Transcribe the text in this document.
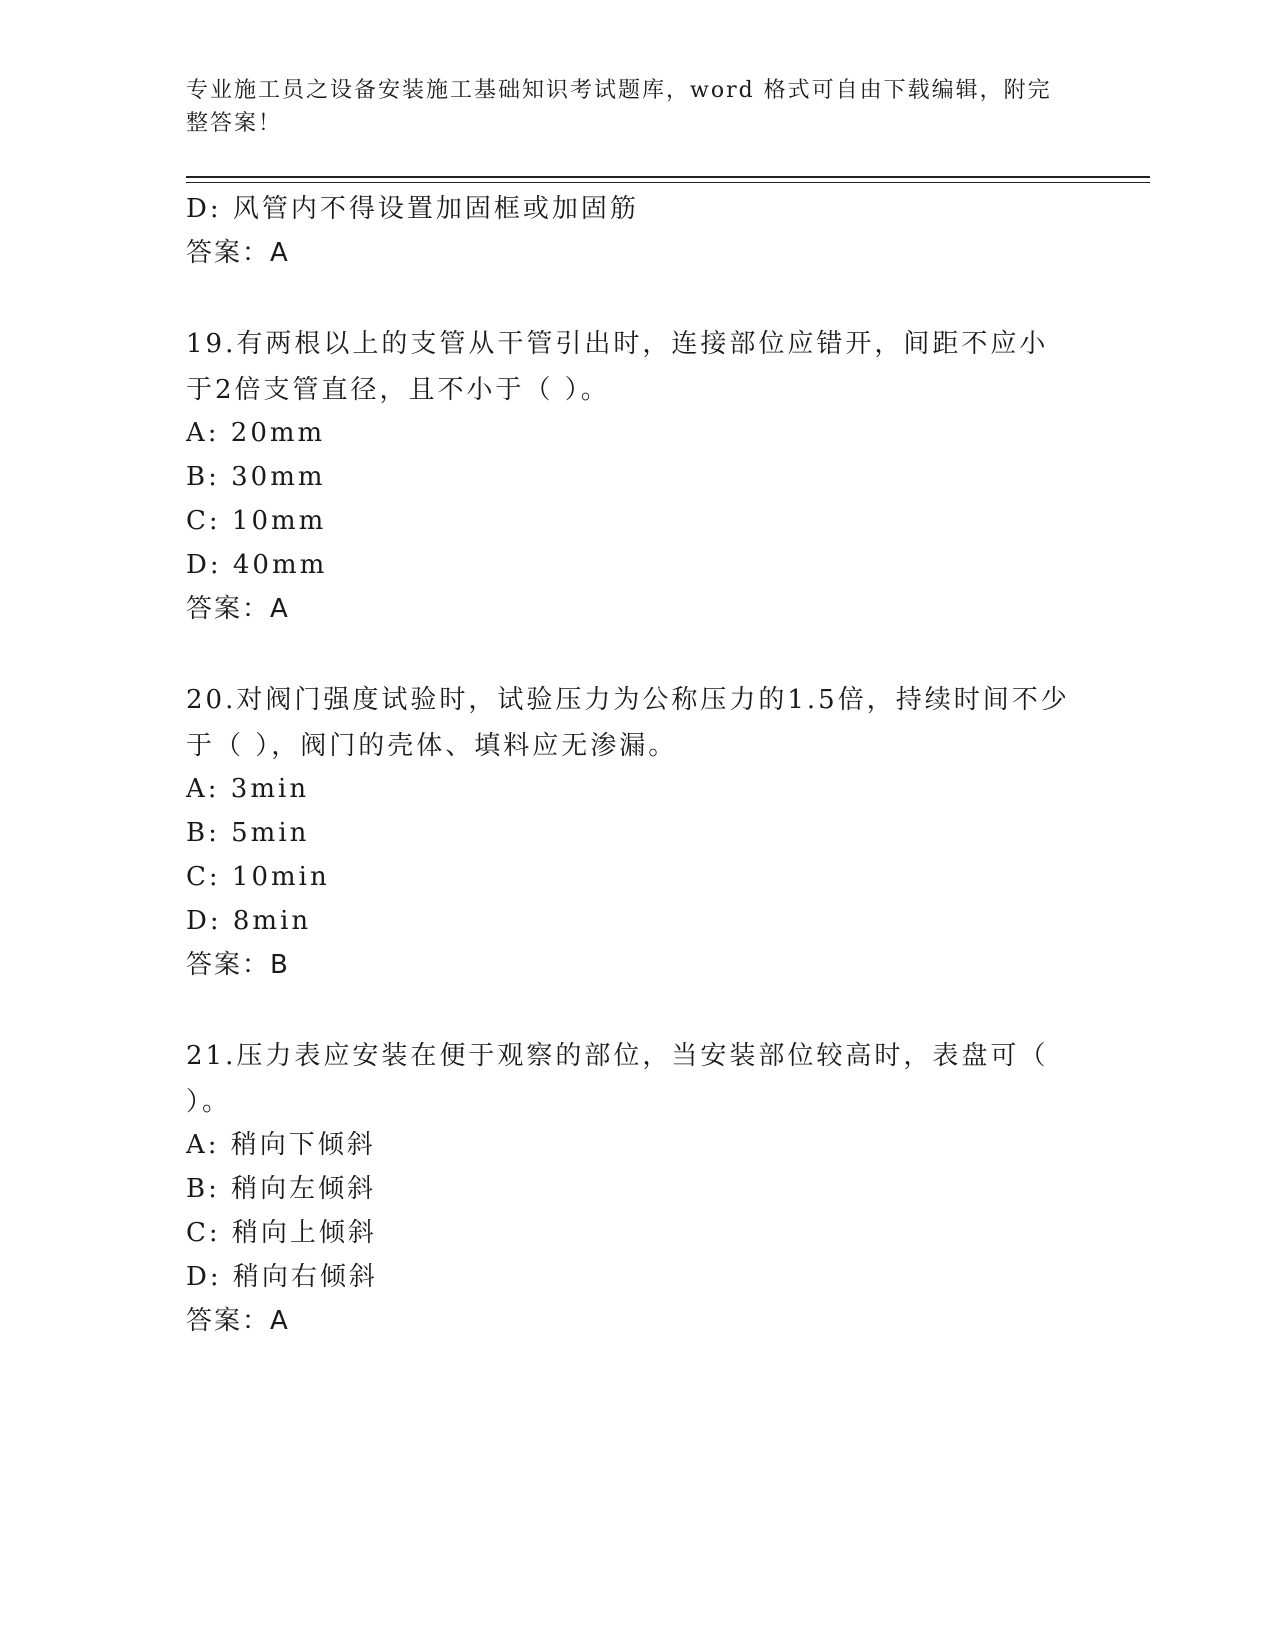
专业施工员之设备安装施工基础知识考试题库，word 格式可自由下载编辑，附完整答案！
D: 风管内不得设置加固框或加固筋
答案：A
19.有两根以上的支管从干管引出时，连接部位应错开，间距不应小于2倍支管直径，且不小于（ ）。
A: 20mm
B: 30mm
C: 10mm
D: 40mm
答案：A
20.对阀门强度试验时，试验压力为公称压力的1.5倍，持续时间不少于（ ），阀门的壳体、填料应无渗漏。
A: 3min
B: 5min
C: 10min
D: 8min
答案：B
21.压力表应安装在便于观察的部位，当安装部位较高时，表盘可（ ）。
A: 稍向下倾斜
B: 稍向左倾斜
C: 稍向上倾斜
D: 稍向右倾斜
答案：A
